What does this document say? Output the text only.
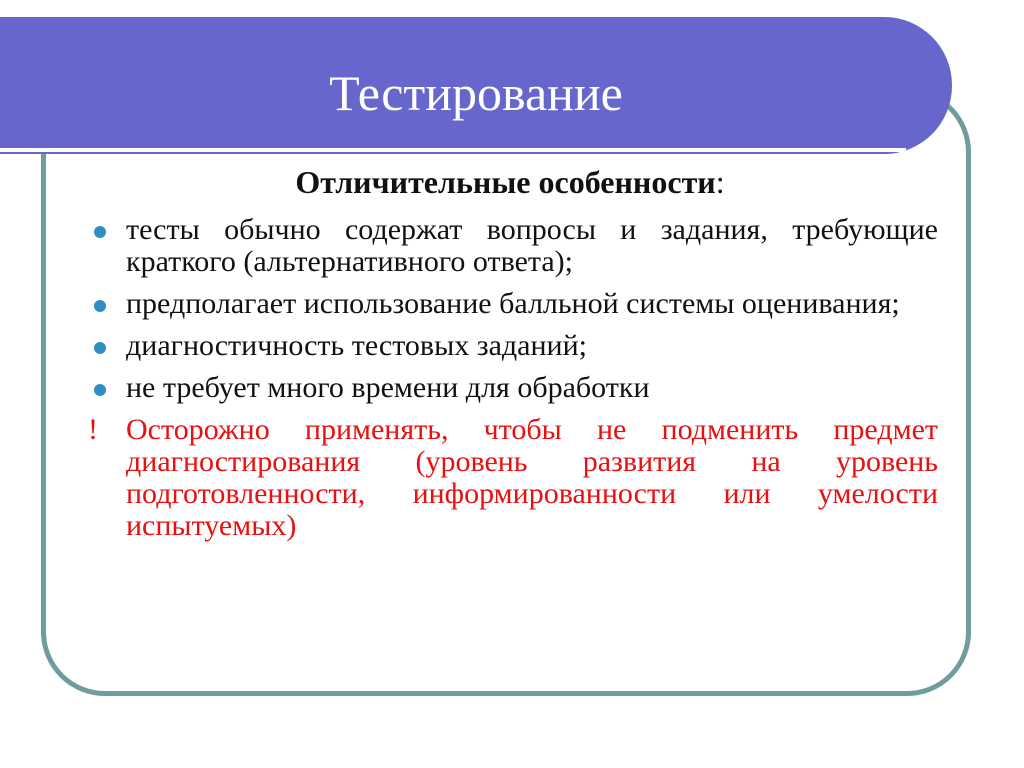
Тестирование
Отличительные особенности:
тесты обычно содержат вопросы и задания, требующие краткого (альтернативного ответа);
предполагает использование балльной системы оценивания;
диагностичность тестовых заданий;
не требует много времени для обработки
! Осторожно применять, чтобы не подменить предмет диагностирования (уровень развития на уровень подготовленности, информированности или умелости испытуемых)
